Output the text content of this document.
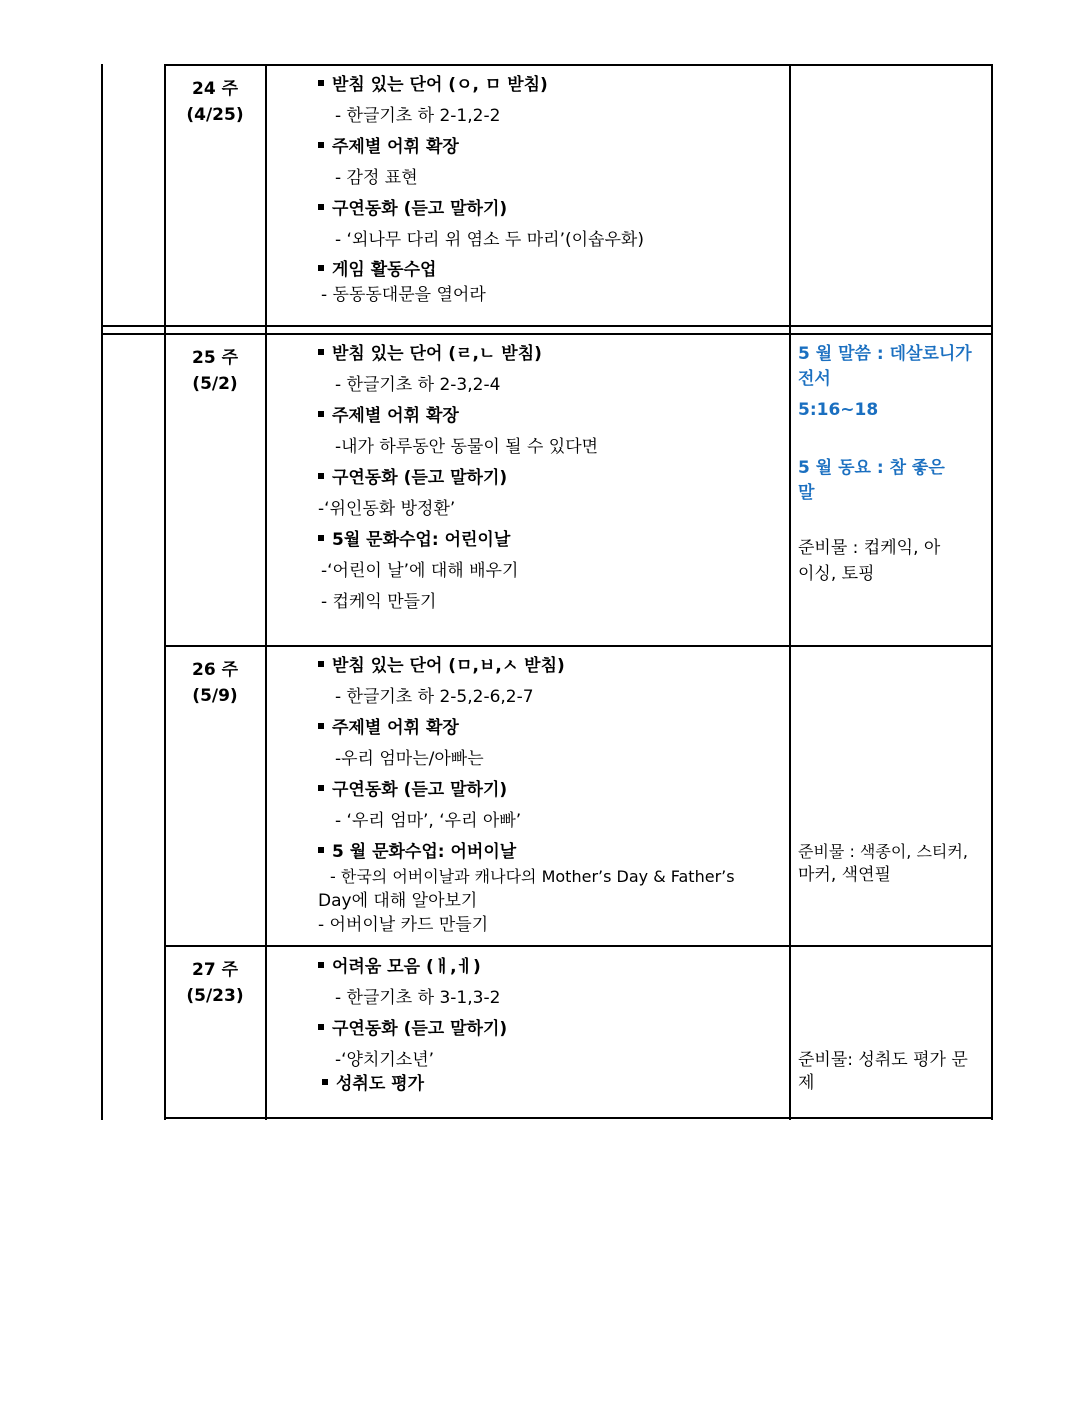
24 주
(4/25)
받침 있는 단어 (ㅇ, ㅁ 받침)
- 한글기초 하 2-1,2-2
주제별 어휘 확장
- 감정 표현
구연동화 (듣고 말하기)
- ‘외나무 다리 위 염소 두 마리’(이솝우화)
게임 활동수업
- 동동동대문을 열어라
25 주
(5/2)
받침 있는 단어 (ㄹ,ㄴ 받침)
- 한글기초 하 2-3,2-4
주제별 어휘 확장
-내가 하루동안 동물이 될 수 있다면
구연동화 (듣고 말하기)
-‘위인동화 방정환’
5월 문화수업: 어린이날
-‘어린이 날’에 대해 배우기
- 컵케익 만들기
5 월 말씀 : 데살로니가
전서
5:16~18
5 월 동요 : 참 좋은
말
준비물 : 컵케익, 아
이싱, 토핑
26 주
(5/9)
받침 있는 단어 (ㅁ,ㅂ,ㅅ 받침)
- 한글기초 하 2-5,2-6,2-7
주제별 어휘 확장
-우리 엄마는/아빠는
구연동화 (듣고 말하기)
- ‘우리 엄마’, ‘우리 아빠’
5 월 문화수업: 어버이날
- 한국의 어버이날과 캐나다의 Mother’s Day & Father’s
Day에 대해 알아보기
- 어버이날 카드 만들기
준비물 : 색종이, 스티커,
마커, 색연필
27 주
(5/23)
어려움 모음 (ㅐ,ㅔ)
- 한글기초 하 3-1,3-2
구연동화 (듣고 말하기)
-‘양치기소년’
성취도 평가
준비물: 성취도 평가 문
제
